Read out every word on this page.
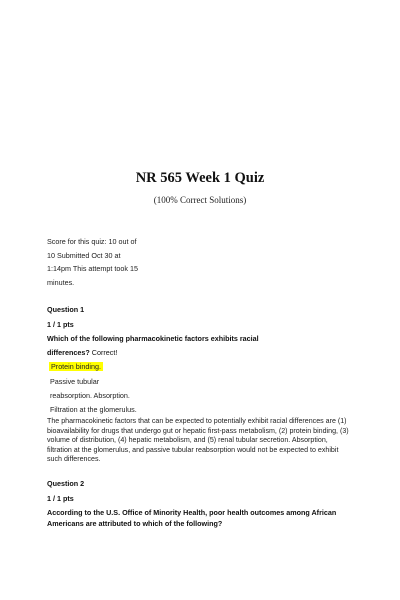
NR 565 Week 1 Quiz
(100% Correct Solutions)
Score for this quiz: 10 out of
10 Submitted Oct 30 at
1:14pm This attempt took 15
minutes.
Question 1
1 / 1 pts
Which of the following pharmacokinetic factors exhibits racial
differences? Correct!
Protein binding.
Passive tubular
reabsorption. Absorption.
Filtration at the glomerulus.
The pharmacokinetic factors that can be expected to potentially exhibit racial differences are (1) bioavailability for drugs that undergo gut or hepatic first-pass metabolism, (2) protein binding, (3) volume of distribution, (4) hepatic metabolism, and (5) renal tubular secretion. Absorption, filtration at the glomerulus, and passive tubular reabsorption would not be expected to exhibit such differences.
Question 2
1 / 1 pts
According to the U.S. Office of Minority Health, poor health outcomes among African
Americans are attributed to which of the following?
